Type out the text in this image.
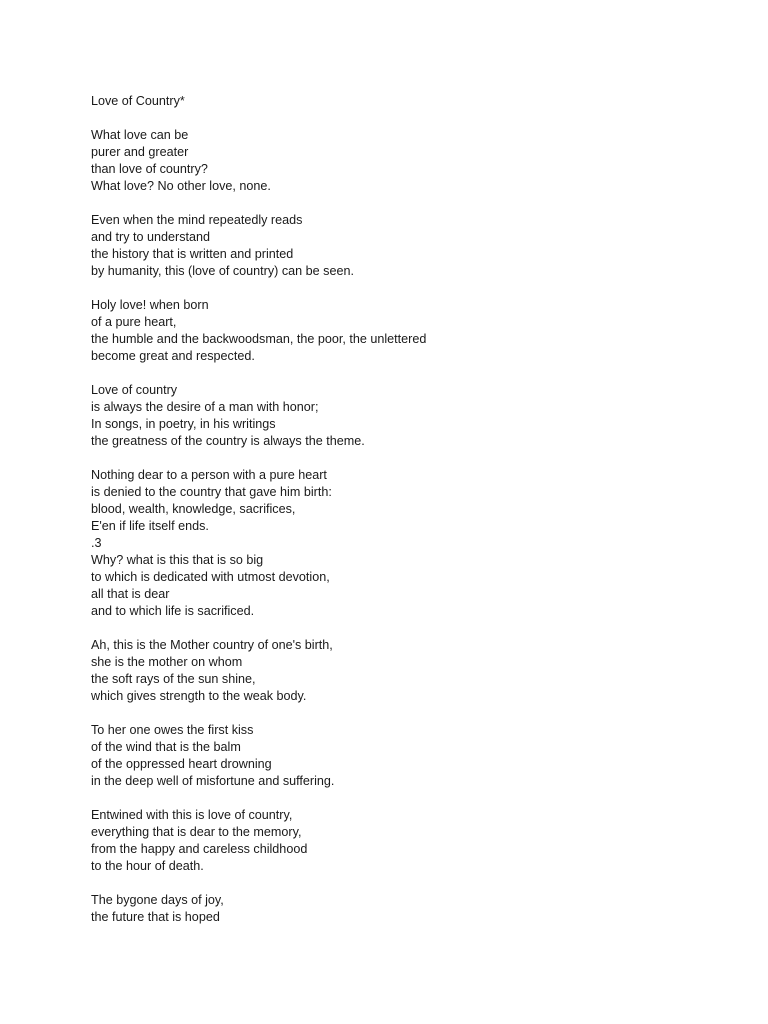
Love of Country*
What love can be
purer and greater
than love of country?
What love? No other love, none.
Even when the mind repeatedly reads
and try to understand
the history that is written and printed
by humanity, this (love of country) can be seen.
Holy love! when born
of a pure heart,
the humble and the backwoodsman, the poor, the unlettered
become great and respected.
Love of country
is always the desire of a man with honor;
In songs, in poetry, in his writings
the greatness of the country is always the theme.
Nothing dear to a person with a pure heart
is denied to the country that gave him birth:
blood, wealth, knowledge, sacrifices,
E'en if life itself ends.
.3
Why? what is this that is so big
to which is dedicated with utmost devotion,
all that is dear
and to which life is sacrificed.
Ah, this is the Mother country of one's birth,
she is the mother on whom
the soft rays of the sun shine,
which gives strength to the weak body.
To her one owes the first kiss
of the wind that is the balm
of the oppressed heart drowning
in the deep well of misfortune and suffering.
Entwined with this is love of country,
everything that is dear to the memory,
from the happy and careless childhood
to the hour of death.
The bygone days of joy,
the future that is hoped
